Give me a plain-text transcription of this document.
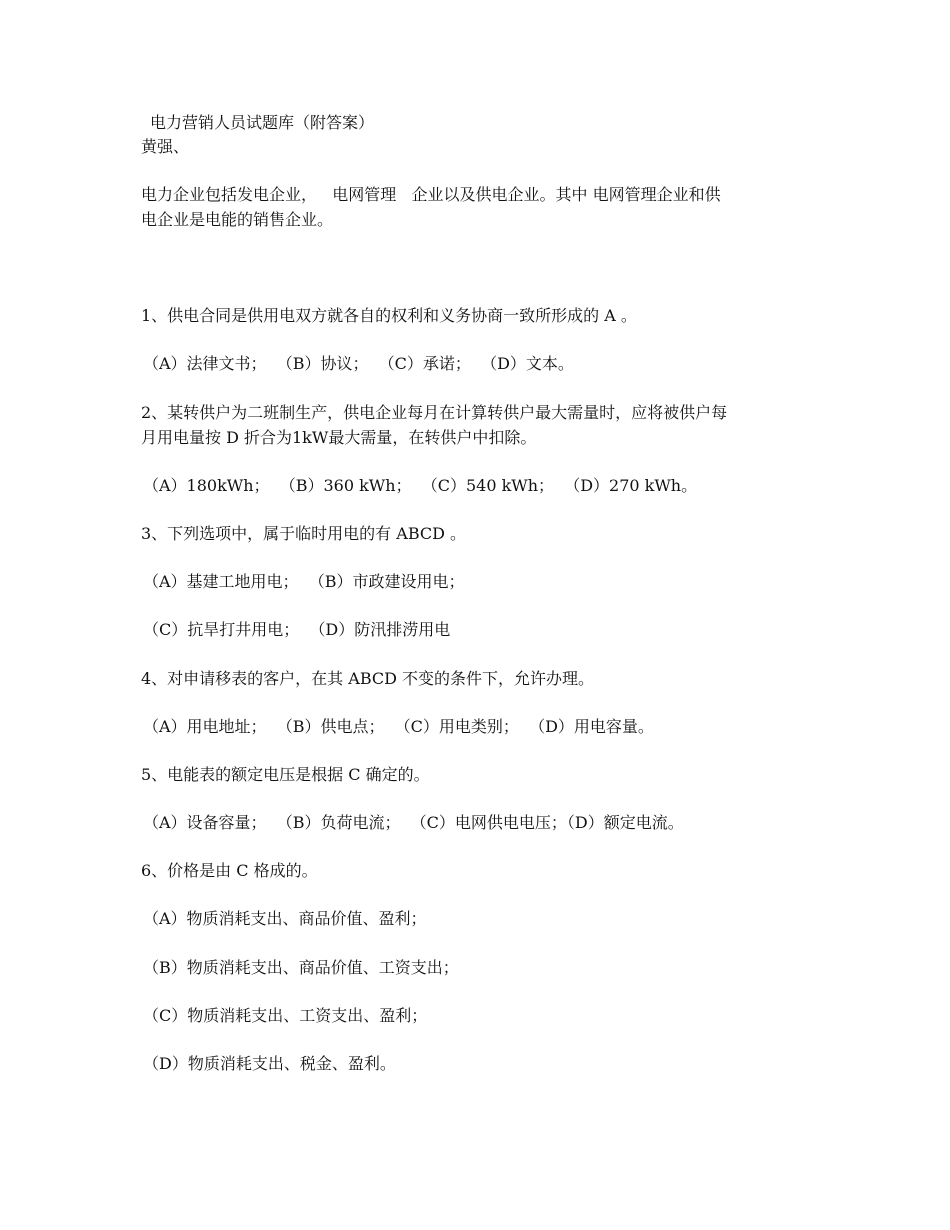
电力营销人员试题库（附答案）
黄强、
电力企业包括发电企业，   电网管理   企业以及供电企业。其中 电网管理企业和供
电企业是电能的销售企业。
1、供电合同是供用电双方就各自的权利和义务协商一致所形成的 A 。
（A）法律文书；  （B）协议；  （C）承诺；  （D）文本。
2、某转供户为二班制生产，供电企业每月在计算转供户最大需量时，应将被供户每
月用电量按 D 折合为1kW最大需量，在转供户中扣除。
（A）180kWh；  （B）360 kWh；  （C）540 kWh；  （D）270 kWh。
3、下列选项中，属于临时用电的有 ABCD 。
（A）基建工地用电；  （B）市政建设用电；
（C）抗旱打井用电；  （D）防汛排涝用电
4、对申请移表的客户，在其 ABCD 不变的条件下，允许办理。
（A）用电地址；  （B）供电点；  （C）用电类别；  （D）用电容量。
5、电能表的额定电压是根据 C 确定的。
（A）设备容量；  （B）负荷电流；  （C）电网供电电压；（D）额定电流。
6、价格是由 C 格成的。
（A）物质消耗支出、商品价值、盈利；
（B）物质消耗支出、商品价值、工资支出；
（C）物质消耗支出、工资支出、盈利；
（D）物质消耗支出、税金、盈利。
